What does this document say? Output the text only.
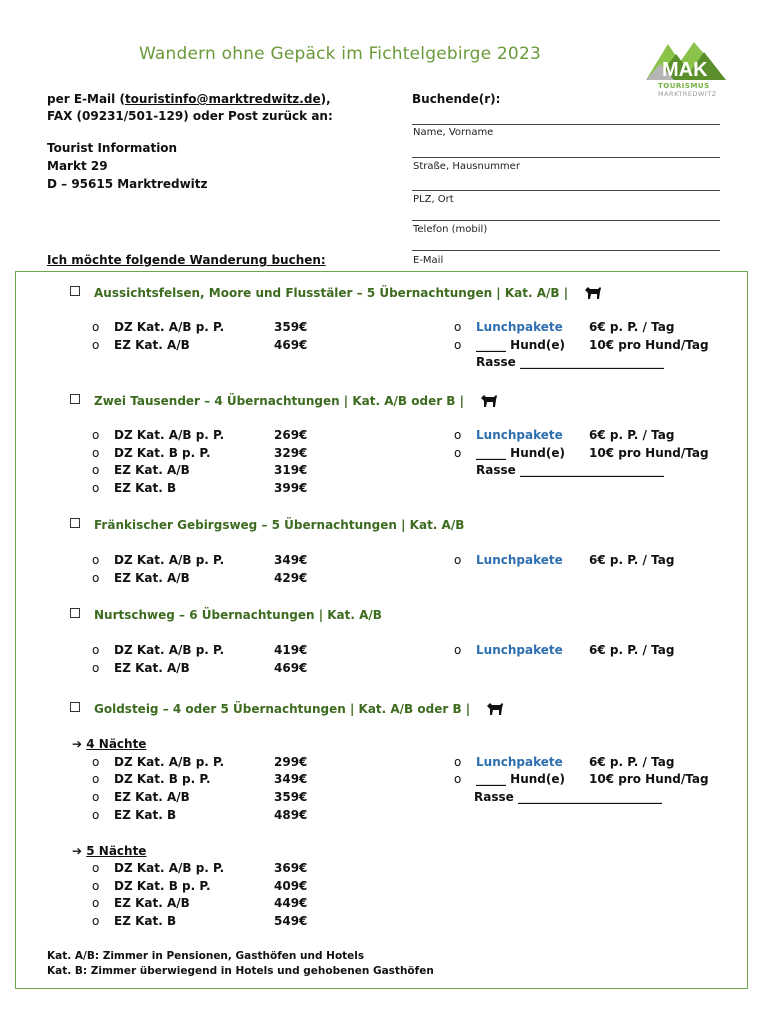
Wandern ohne Gepäck im Fichtelgebirge 2023
MAK
TOURISMUS
MARKTREDWITZ
per E-Mail (touristinfo@marktredwitz.de),
FAX (09231/501-129) oder Post zurück an:
Tourist Information
Markt 29
D – 95615 Marktredwitz
Buchende(r):
Name, Vorname
Straße, Hausnummer
PLZ, Ort
Telefon (mobil)
E-Mail
Ich möchte folgende Wanderung buchen:
Aussichtsfelsen, Moore und Flusstäler – 5 Übernachtungen | Kat. A/B |
o DZ Kat. A/B p. P.	359€
o EZ Kat. A/B	469€
o Lunchpakete 6€ p. P. / Tag
o _____ Hund(e) 10€ pro Hund/Tag
Rasse ________________________
Zwei Tausender – 4 Übernachtungen | Kat. A/B oder B |
o DZ Kat. A/B p. P.	269€
o DZ Kat. B p. P.	329€
o EZ Kat. A/B	319€
o EZ Kat. B	399€
o Lunchpakete 6€ p. P. / Tag
o _____ Hund(e) 10€ pro Hund/Tag
Rasse ________________________
Fränkischer Gebirgsweg – 5 Übernachtungen | Kat. A/B
o DZ Kat. A/B p. P.	349€
o EZ Kat. A/B	429€
o Lunchpakete 6€ p. P. / Tag
Nurtschweg – 6 Übernachtungen | Kat. A/B
o DZ Kat. A/B p. P.	419€
o EZ Kat. A/B	469€
o Lunchpakete 6€ p. P. / Tag
Goldsteig – 4 oder 5 Übernachtungen | Kat. A/B oder B |
➔ 4 Nächte
o DZ Kat. A/B p. P.	299€
o DZ Kat. B p. P.	349€
o EZ Kat. A/B	359€
o EZ Kat. B	489€
o Lunchpakete 6€ p. P. / Tag
o _____ Hund(e) 10€ pro Hund/Tag
Rasse ________________________
➔ 5 Nächte
o DZ Kat. A/B p. P.	369€
o DZ Kat. B p. P.	409€
o EZ Kat. A/B	449€
o EZ Kat. B	549€
Kat. A/B: Zimmer in Pensionen, Gasthöfen und Hotels
Kat. B: Zimmer überwiegend in Hotels und gehobenen Gasthöfen
